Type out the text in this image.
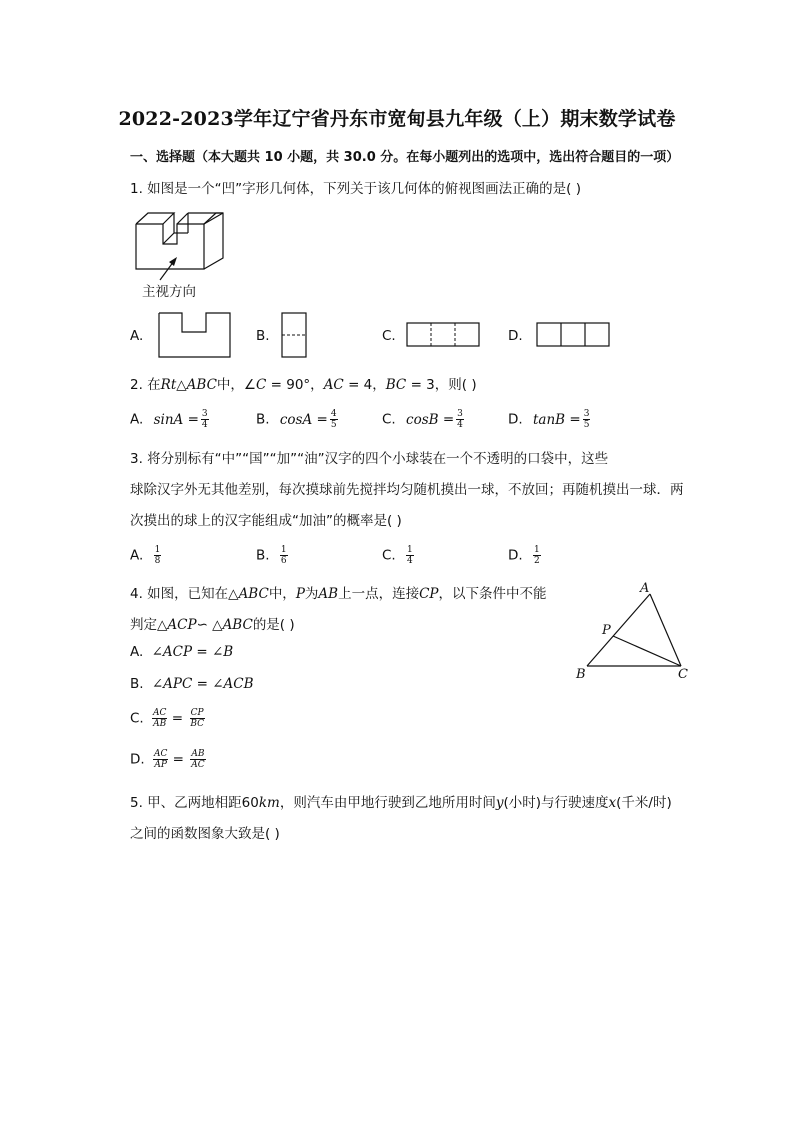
2022-2023学年辽宁省丹东市宽甸县九年级（上）期末数学试卷
一、选择题（本大题共 10 小题，共 30.0 分。在每小题列出的选项中，选出符合题目的一项）
1. 如图是一个“凹”字形几何体，下列关于该几何体的俯视图画法正确的是( )
主视方向
A.	B.	C.	D.
2. 在Rt△ABC中，∠C = 90°，AC = 4，BC = 3，则( )
A. $\sin A = \frac{3}{4}$	B. $\cos A = \frac{4}{5}$	C. $\cos B = \frac{3}{4}$	D. $\tan B = \frac{3}{5}$
3. 将分别标有“中”“国”“加”“油”汉字的四个小球装在一个不透明的口袋中，这些
球除汉字外无其他差别，每次摸球前先搅拌均匀随机摸出一球，不放回；再随机摸出一球．两
次摸出的球上的汉字能组成“加油”的概率是( )
A. $\frac{1}{8}$	B. $\frac{1}{6}$	C. $\frac{1}{4}$	D. $\frac{1}{2}$
4. 如图，已知在△ABC中，P为AB上一点，连接CP，以下条件中不能
判定△ACP∽ △ABC的是( )
A. ∠ACP = ∠B
B. ∠APC = ∠ACB
C. $\frac{AC}{AB} = \frac{CP}{BC}$
D. $\frac{AC}{AP} = \frac{AB}{AC}$
A
P
B	C
5. 甲、乙两地相距60km，则汽车由甲地行驶到乙地所用时间y(小时)与行驶速度x(千米/时)
之间的函数图象大致是( )
